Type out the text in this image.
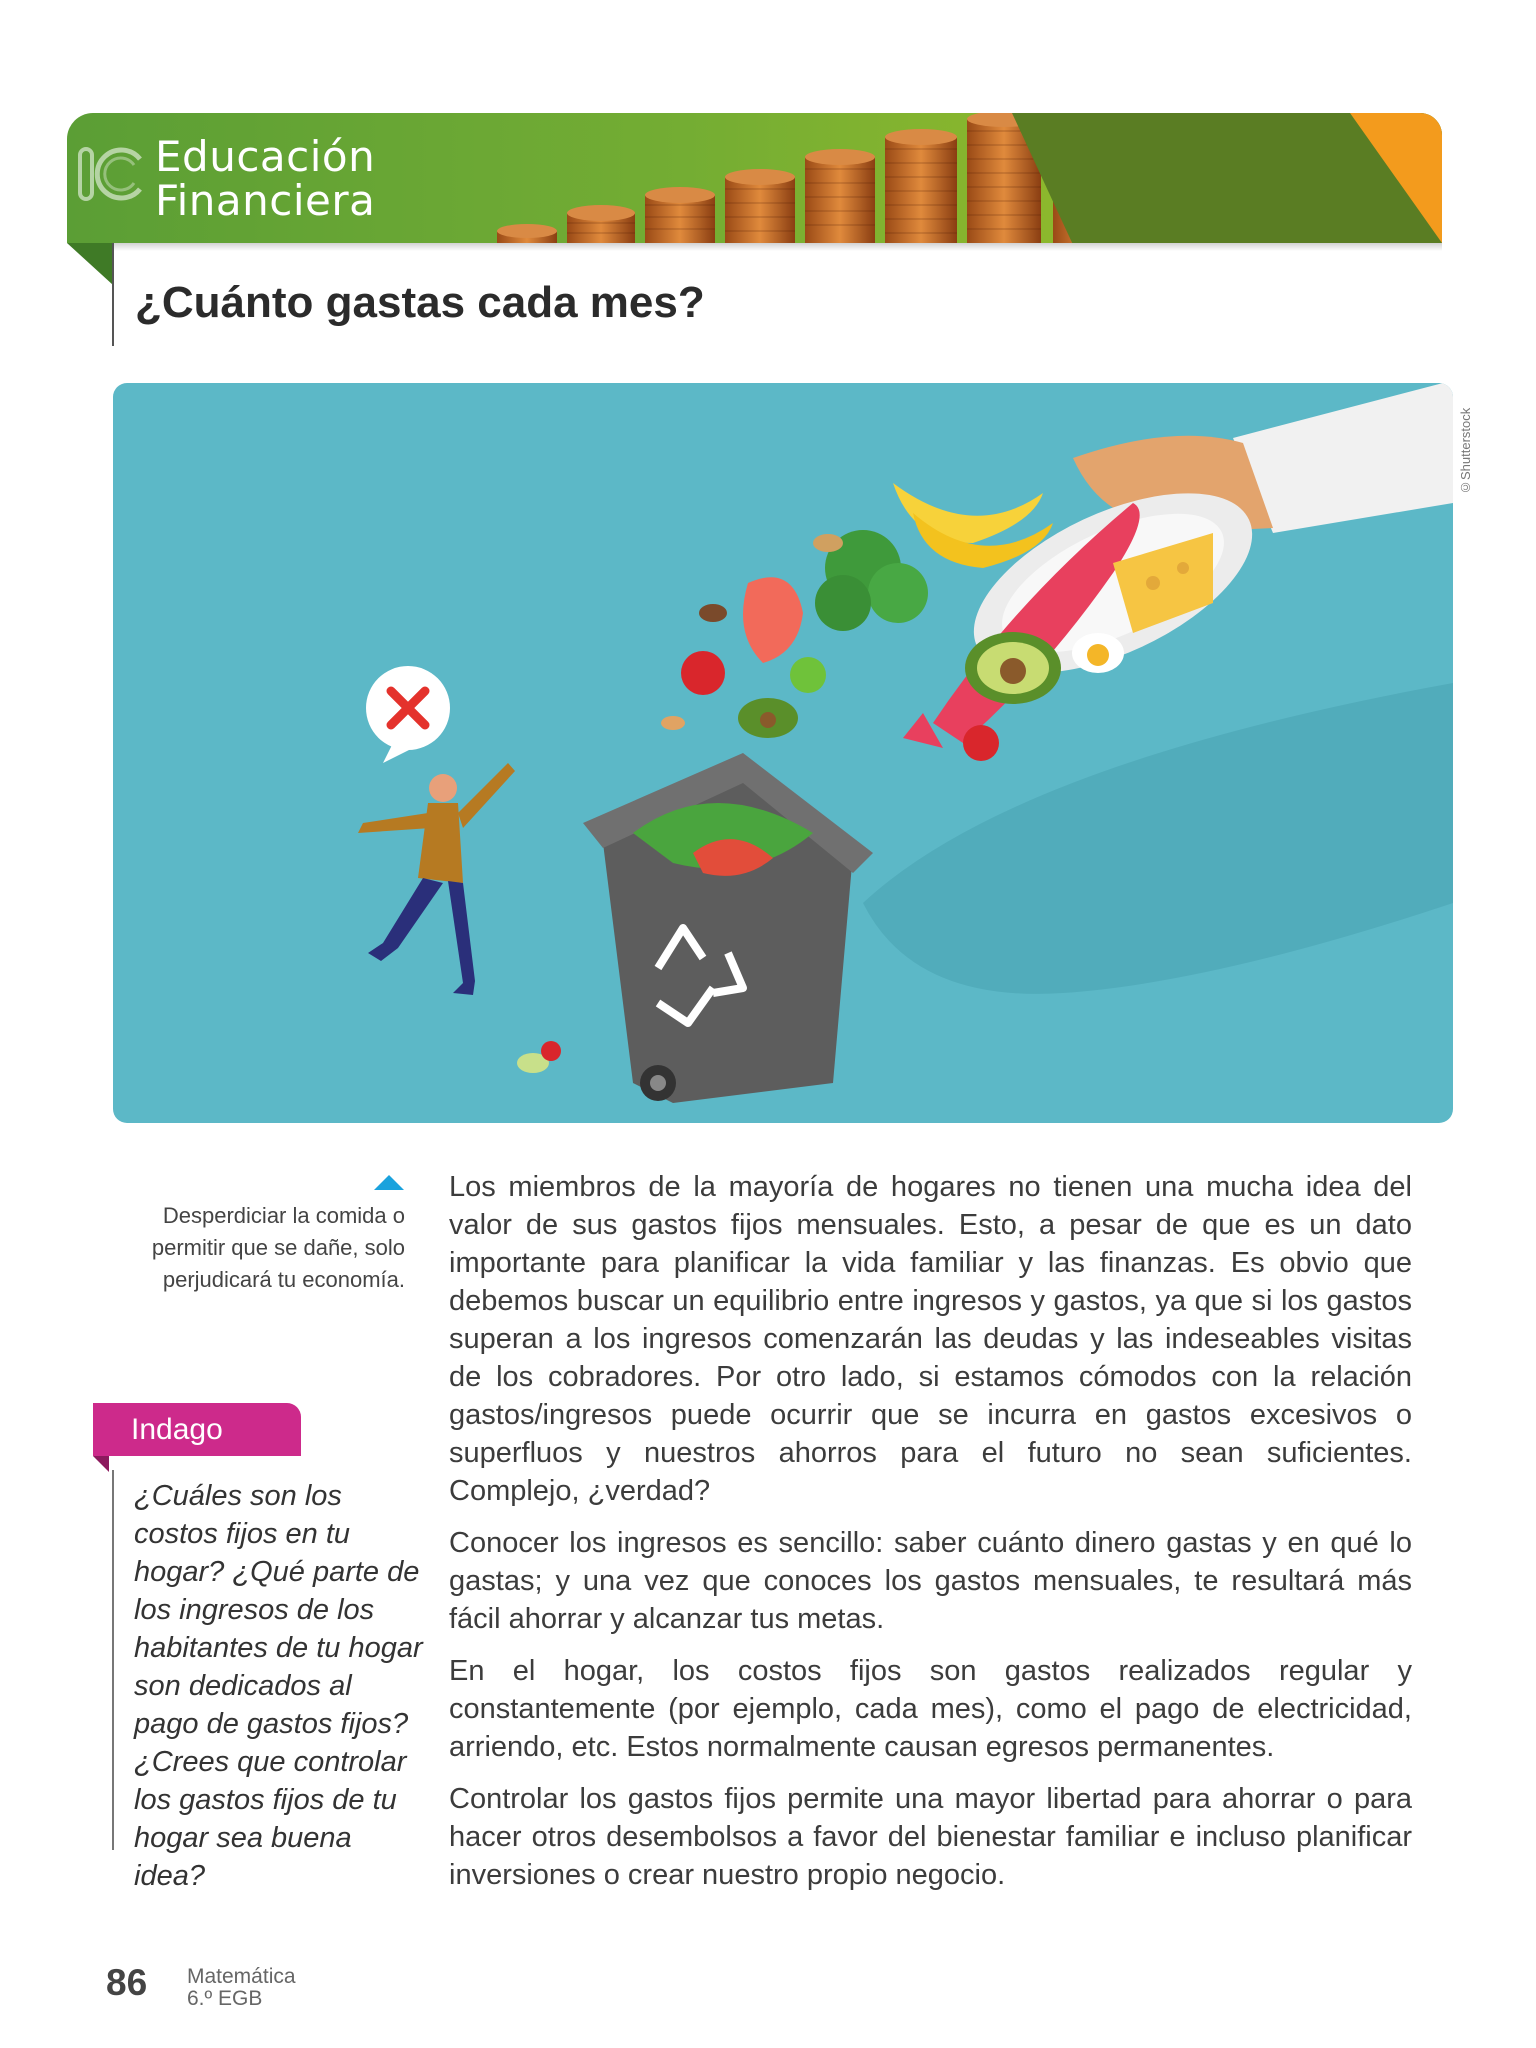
Educación
Financiera
DUA
Participación
¿Cuánto gastas cada mes?
©Shutterstock
Desperdiciar la comida o permitir que se dañe, solo perjudicará tu economía.
Indago
¿Cuáles son los costos fijos en tu hogar? ¿Qué parte de los ingresos de los habitantes de tu hogar son dedicados al pago de gastos fijos? ¿Crees que controlar los gastos fijos de tu hogar sea buena idea?

Los miembros de la mayoría de hogares no tienen una mucha idea del valor de sus gastos fijos mensuales. Esto, a pesar de que es un dato importante para planificar la vida familiar y las finanzas. Es obvio que debemos buscar un equilibrio entre ingresos y gastos, ya que si los gastos superan a los ingresos comenzarán las deudas y las indeseables visitas de los cobradores. Por otro lado, si estamos cómodos con la relación gastos/ingresos puede ocurrir que se incurra en gastos excesivos o superfluos y nuestros ahorros para el futuro no sean suficientes. Complejo, ¿verdad?

Conocer los ingresos es sencillo: saber cuánto dinero gastas y en qué lo gastas; y una vez que conoces los gastos mensuales, te resultará más fácil ahorrar y alcanzar tus metas.

En el hogar, los costos fijos son gastos realizados regular y constantemente (por ejemplo, cada mes), como el pago de electricidad, arriendo, etc. Estos normalmente causan egresos permanentes.

Controlar los gastos fijos permite una mayor libertad para ahorrar o para hacer otros desembolsos a favor del bienestar familiar e incluso planificar inversiones o crear nuestro propio negocio.

86 Matemática
6.º EGB
